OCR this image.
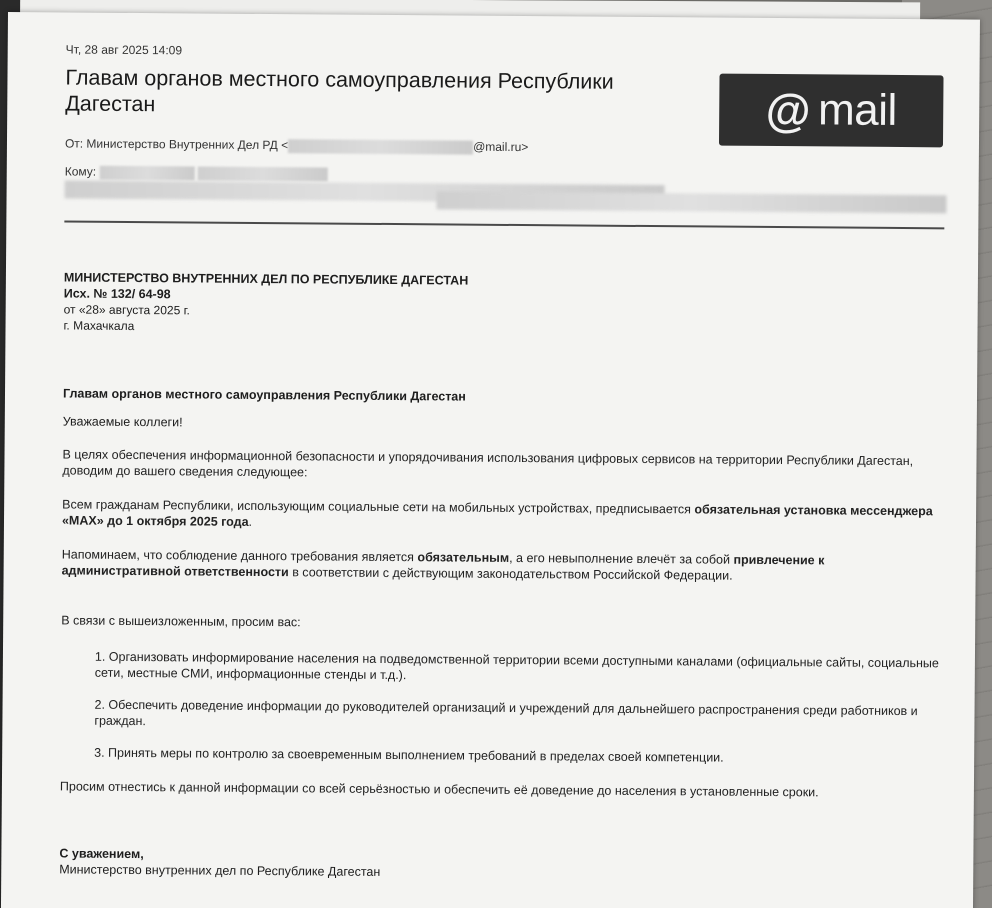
Чт, 28 авг 2025 14:09
Главам органов местного самоуправления Республики Дагестан	@ mail
От: Министерство Внутренних Дел РД <	@mail.ru>
Кому:
МИНИСТЕРСТВО ВНУТРЕННИХ ДЕЛ ПО РЕСПУБЛИКЕ ДАГЕСТАН
Исх. № 132/ 64-98
от «28» августа 2025 г.
г. Махачкала
Главам органов местного самоуправления Республики Дагестан
Уважаемые коллеги!
В целях обеспечения информационной безопасности и упорядочивания использования цифровых сервисов на территории Республики Дагестан, доводим до вашего сведения следующее:
Всем гражданам Республики, использующим социальные сети на мобильных устройствах, предписывается обязательная установка мессенджера «MAX» до 1 октября 2025 года.
Напоминаем, что соблюдение данного требования является обязательным, а его невыполнение влечёт за собой привлечение к административной ответственности в соответствии с действующим законодательством Российской Федерации.
В связи с вышеизложенным, просим вас:
1. Организовать информирование населения на подведомственной территории всеми доступными каналами (официальные сайты, социальные сети, местные СМИ, информационные стенды и т.д.).
2. Обеспечить доведение информации до руководителей организаций и учреждений для дальнейшего распространения среди работников и граждан.
3. Принять меры по контролю за своевременным выполнением требований в пределах своей компетенции.
Просим отнестись к данной информации со всей серьёзностью и обеспечить её доведение до населения в установленные сроки.
С уважением,
Министерство внутренних дел по Республике Дагестан
